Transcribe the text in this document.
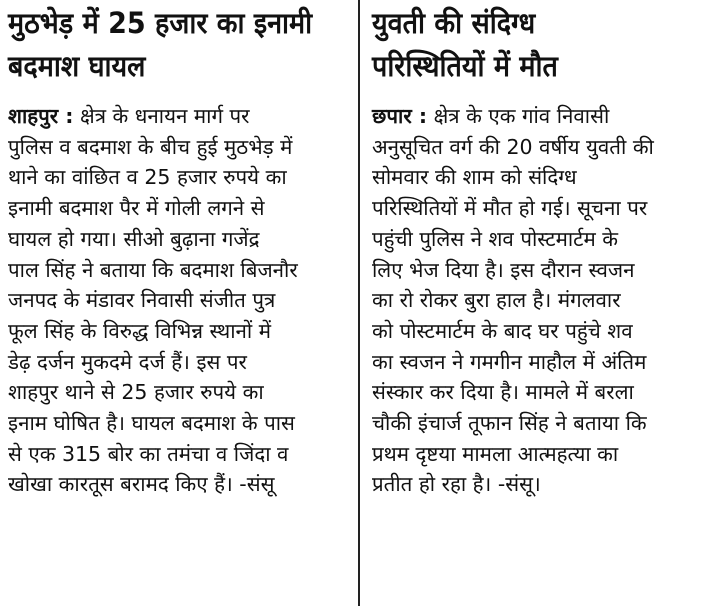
मुठभेड़ में 25 हजार का इनामी
बदमाश घायल
शाहपुर : क्षेत्र के धनायन मार्ग पर
पुलिस व बदमाश के बीच हुई मुठभेड़ में
थाने का वांछित व 25 हजार रुपये का
इनामी बदमाश पैर में गोली लगने से
घायल हो गया। सीओ बुढ़ाना गजेंद्र
पाल सिंह ने बताया कि बदमाश बिजनौर
जनपद के मंडावर निवासी संजीत पुत्र
फूल सिंह के विरुद्ध विभिन्न स्थानों में
डेढ़ दर्जन मुकदमे दर्ज हैं। इस पर
शाहपुर थाने से 25 हजार रुपये का
इनाम घोषित है। घायल बदमाश के पास
से एक 315 बोर का तमंचा व जिंदा व
खोखा कारतूस बरामद किए हैं। -संसू
युवती की संदिग्ध
परिस्थितियों में मौत
छपार : क्षेत्र के एक गांव निवासी
अनुसूचित वर्ग की 20 वर्षीय युवती की
सोमवार की शाम को संदिग्ध
परिस्थितियों में मौत हो गई। सूचना पर
पहुंची पुलिस ने शव पोस्टमार्टम के
लिए भेज दिया है। इस दौरान स्वजन
का रो रोकर बुरा हाल है। मंगलवार
को पोस्टमार्टम के बाद घर पहुंचे शव
का स्वजन ने गमगीन माहौल में अंतिम
संस्कार कर दिया है। मामले में बरला
चौकी इंचार्ज तूफान सिंह ने बताया कि
प्रथम दृष्टया मामला आत्महत्या का
प्रतीत हो रहा है। -संसू।
